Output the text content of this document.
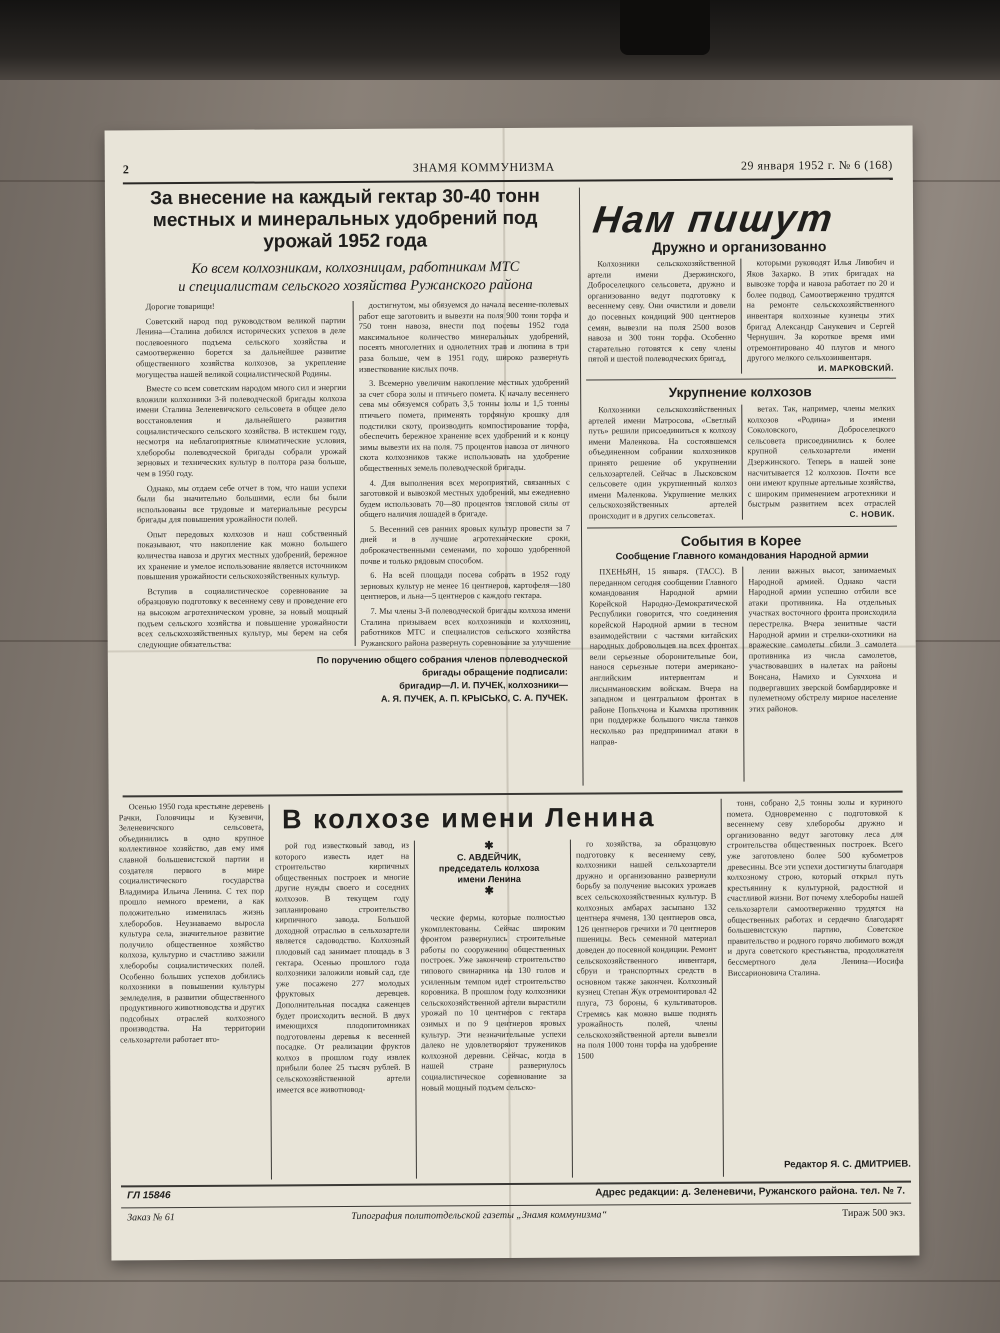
2	ЗНАМЯ КОММУНИЗМА	29 января 1952 г. № 6 (168)
За внесение на каждый гектар 30-40 тонн
местных и минеральных удобрений под
урожай 1952 года
Ко всем колхозникам, колхозницам, работникам МТС
и специалистам сельского хозяйства Ружанского района

Дорогие товарищи!

Советский народ под руководством великой партии Ленина—Сталина добился исторических успехов в деле послевоенного подъема сельского хозяйства и самоотверженно борется за дальнейшее развитие общественного хозяйства колхозов, за укрепление могущества нашей великой социалистической Родины.

Вместе со всем советским народом много сил и энергии вложили колхозники 3-й полеводческой бригады колхоза имени Сталина Зеленевичского сельсовета в общее дело восстановления и дальнейшего развития социалистического сельского хозяйства. В истекшем году, несмотря на неблагоприятные климатические условия, хлеборобы полеводческой бригады собрали урожай зерновых и технических культур в полтора раза больше, чем в 1950 году.

Однако, мы отдаем себе отчет в том, что наши успехи были бы значительно большими, если бы были использованы все трудовые и материальные ресурсы бригады для повышения урожайности полей.

Опыт передовых колхозов и наш собственный показывают, что накопление как можно большего количества навоза и других местных удобрений, бережное их хранение и умелое использование является источником повышения урожайности сельскохозяйственных культур.

Вступив в социалистическое соревнование за образцовую подготовку к весеннему севу и проведение его на высоком агротехническом уровне, за новый мощный подъем сельского хозяйства и повышение урожайности всех сельскохозяйственных культур, мы берем на себя следующие обязательства:

достигнутом, мы обязуемся до начала весенне-полевых работ еще заготовить и вывезти на поля 900 тонн торфа и 750 тонн навоза, внести под посевы 1952 года максимальное количество минеральных удобрений, посеять многолетних и однолетних трав и люпина в три раза больше, чем в 1951 году, широко развернуть известкование кислых почв.

3. Всемерно увеличим накопление местных удобрений за счет сбора золы и птичьего помета. К началу весеннего сева мы обязуемся собрать 3,5 тонны золы и 1,5 тонны птичьего помета, применять торфяную крошку для подстилки скоту, производить компостирование торфа, обеспечить бережное хранение всех удобрений и к концу зимы вывезти их на поля. 75 процентов навоза от личного скота колхозников также использовать на удобрение общественных земель полеводческой бригады.

4. Для выполнения всех мероприятий, связанных с заготовкой и вывозкой местных удобрений, мы ежедневно будем использовать 70—80 процентов тягловой силы от общего наличия лошадей в бригаде.

5. Весенний сев ранних яровых культур провести за 7 дней и в лучшие агротехнические сроки, доброкачественными семенами, по хорошо удобренной почве и только рядовым способом.

6. На всей площади посева собрать в 1952 году зерновых культур не менее 16 центнеров, картофеля—180 центнеров, и льна—5 центнеров с каждого гектара.

7. Мы члены 3-й полеводческой бригады колхоза имени Сталина призываем всех колхозников и колхозниц, работников МТС и специалистов сельского хозяйства Ружанского района развернуть соревнование за улучшение

По поручению общего собрания членов полеводческой
бригады обращение подписали:
бригадир—Л. И. ПУЧЕК, колхозники—
А. Я. ПУЧЕК, А. П. КРЫСЬКО, С. А. ПУЧЕК.
Нам пишут
Дружно и организованно

Колхозники сельскохозяйственной артели имени Дзержинского, Доброселецкого сельсовета, дружно и организованно ведут подготовку к весеннему севу. Они очистили и довели до посевных кондиций 900 центнеров семян, вывезли на поля 2500 возов навоза и 300 тонн торфа. Особенно старательно готовятся к севу члены пятой и шестой полеводческих бригад,

которыми руководят Илья Ливобич и Яков Захарко. В этих бригадах на вывозке торфа и навоза работает по 20 и более подвод. Самоотверженно трудятся на ремонте сельскохозяйственного инвентаря колхозные кузнецы этих бригад Александр Санукевич и Сергей Чернушич. За короткое время ими отремонтировано 40 плугов и много другого мелкого сельхозинвентаря.

И. МАРКОВСКИЙ.
Укрупнение колхозов

Колхозники сельскохозяйственных артелей имени Матросова, «Светлый путь» решили присоединиться к колхозу имени Маленкова. На состоявшемся объединенном собрании колхозников принято решение об укрупнении сельхозартелей. Сейчас в Лысковском сельсовете один укрупненный колхоз имени Маленкова. Укрупнение мелких сельскохозяйственных артелей происходит и в других сельсоветах.

ветах. Так, например, члены мелких колхозов «Родина» и имени Соколовского, Доброселецкого сельсовета присоединились к более крупной сельхозартели имени Дзержинского. Теперь в нашей зоне насчитывается 12 колхозов. Почти все они имеют крупные артельные хозяйства, с широким применением агротехники и быстрым развитием всех отраслей

С. НОВИК.
События в Корее
Сообщение Главного командования Народной армии

ПХЕНЬЯН, 15 января. (ТАСС). В переданном сегодня сообщении Главного командования Народной армии Корейской Народно-Демократической Республики говорится, что соединения корейской Народной армии в тесном взаимодействии с частями китайских народных добровольцев на всех фронтах вели серьезные оборонительные бои, нанося серьезные потери американо-английским интервентам и лисынмановским войскам. Вчера на западном и центральном фронтах в районе Попьхчона и Кымхва противник при поддержке большого числа танков несколько раз предпринимал атаки в направ-

лении важных высот, занимаемых Народной армией. Однако части Народной армии успешно отбили все атаки противника. На отдельных участках восточного фронта происходила перестрелка. Вчера зенитные части Народной армии и стрелки-охотники на вражеские самолеты сбили 3 самолета противника из числа самолетов, участвовавших в налетах на районы Вонсана, Намихо и Сукчхона и подвергавших зверской бомбардировке и пулеметному обстрелу мирное население этих районов.

В колхозе имени Ленина
✱
С. АВДЕЙЧИК,
председатель колхоза
имени Ленина
✱

Осенью 1950 года крестьяне деревень Рачки, Головчицы и Кузевичи, Зеленевичского сельсовета, объединились в одно крупное коллективное хозяйство, дав ему имя славной большевистской партии и создателя первого в мире социалистического государства Владимира Ильича Ленина. С тех пор прошло немного времени, а как положительно изменилась жизнь хлеборобов. Неузнаваемо выросла культура села, значительное развитие получило общественное хозяйство колхоза, культурно и счастливо зажили хлеборобы социалистических полей. Особенно больших успехов добились колхозники в повышении культуры земледелия, в развитии общественного продуктивного животноводства и других подсобных отраслей колхозного производства. На территории сельхозартели работает вто-

рой год известковый завод, из которого известь идет на строительство кирпичных общественных построек и многие другие нужды своего и соседних колхозов. В текущем году запланировано строительство кирпичного завода. Большой доходной отраслью в сельхозартели является садоводство. Колхозный плодовый сад занимает площадь в 3 гектара. Осенью прошлого года колхозники заложили новый сад, где уже посажено 277 молодых фруктовых деревцев. Дополнительная посадка саженцев будет происходить весной. В двух имеющихся плодопитомниках подготовлены деревья к весенней посадке. От реализации фруктов колхоз в прошлом году извлек прибыли более 25 тысяч рублей. В сельскохозяйственной артели имеется все животновод-

ческие фермы, которые полностью укомплектованы. Сейчас широким фронтом развернулись строительные работы по сооружению общественных построек. Уже закончено строительство типового свинарника на 130 голов и усиленным темпом идет строительство коровника. В прошлом году колхозники сельскохозяйственной артели вырастили урожай по 10 центнеров с гектара озимых и по 9 центнеров яровых культур. Эти незначительные успехи далеко не удовлетворяют тружеников колхозной деревни. Сейчас, когда в нашей стране развернулось социалистическое соревнование за новый мощный подъем сельско-

го хозяйства, за образцовую подготовку к весеннему севу, колхозники нашей сельхозартели дружно и организованно развернули борьбу за получение высоких урожаев всех сельскохозяйственных культур. В колхозных амбарах засыпано 132 центнера ячменя, 130 центнеров овса, 126 центнеров гречихи и 70 центнеров пшеницы. Весь семенной материал доведен до посевной кондиции. Ремонт сельскохозяйственного инвентаря, сбруи и транспортных средств в основном также закончен. Колхозный кузнец Степан Жук отремонтировал 42 плуга, 73 бороны, 6 культиваторов. Стремясь как можно выше поднять урожайность полей, члены сельскохозяйственной артели вывезли на поля 1000 тонн торфа на удобрение 1500

тонн, собрано 2,5 тонны золы и куриного помета. Одновременно с подготовкой к весеннему севу хлеборобы дружно и организованно ведут заготовку леса для строительства общественных построек. Всего уже заготовлено более 500 кубометров древесины. Все эти успехи достигнуты благодаря колхозному строю, который открыл путь крестьянину к культурной, радостной и счастливой жизни. Вот почему хлеборобы нашей сельхозартели самоотверженно трудятся на общественных работах и сердечно благодарят большевистскую партию, Советское правительство и родного горячо любимого вождя и друга советского крестьянства, продолжателя бессмертного дела Ленина—Иосифа Виссарионовича Сталина.

Редактор Я. С. ДМИТРИЕВ.
ГЛ 15846	Адрес редакции: д. Зеленевичи, Ружанского района. тел. № 7.
Заказ № 61	Типография политотдельской газеты „Знамя коммунизма“	Тираж 500 экз.
